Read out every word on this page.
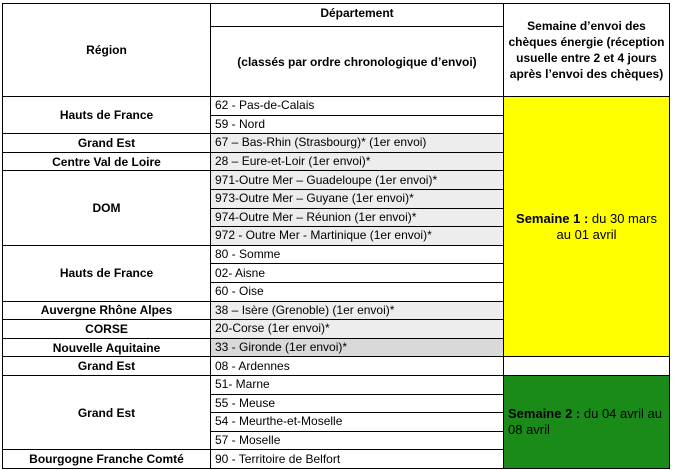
Région	Département	Semaine d’envoi des chèques énergie (réception usuelle entre 2 et 4 jours après l’envoi des chèques)
	(classés par ordre chronologique d’envoi)	
Hauts de France	62 - Pas-de-Calais	Semaine 1 : du 30 mars au 01 avril
	59 - Nord	
Grand Est	67 – Bas-Rhin (Strasbourg)* (1er envoi)	
Centre Val de Loire	28 – Eure-et-Loir (1er envoi)*	
DOM	971-Outre Mer – Guadeloupe (1er envoi)*	
	973-Outre Mer – Guyane (1er envoi)*	
	974-Outre Mer – Réunion (1er envoi)*	
	972 - Outre Mer - Martinique (1er envoi)*	
Hauts de France	80 - Somme	
	02- Aisne	
	60 - Oise	
Auvergne Rhône Alpes	38 – Isère (Grenoble) (1er envoi)*	
CORSE	20-Corse (1er envoi)*	
Nouvelle Aquitaine	33 - Gironde (1er envoi)*	
Grand Est	08 - Ardennes	
Grand Est	51- Marne	Semaine 2 : du 04 avril au 08 avril
	55 - Meuse	
	54 - Meurthe-et-Moselle	
	57 - Moselle	
Bourgogne Franche Comté	90 - Territoire de Belfort	
